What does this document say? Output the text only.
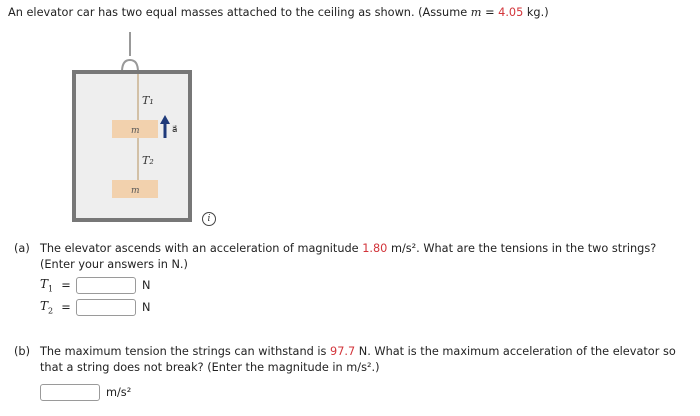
An elevator car has two equal masses attached to the ceiling as shown. (Assume m = 4.05 kg.)
T₁
T₂
m
m
a⃗
i
(a) The elevator ascends with an acceleration of magnitude 1.80 m/s². What are the tensions in the two strings? (Enter your answers in N.)
$T_1$ =	N
$T_2$ =	N
(b) The maximum tension the strings can withstand is 97.7 N. What is the maximum acceleration of the elevator so that a string does not break? (Enter the magnitude in m/s².)
m/s²
